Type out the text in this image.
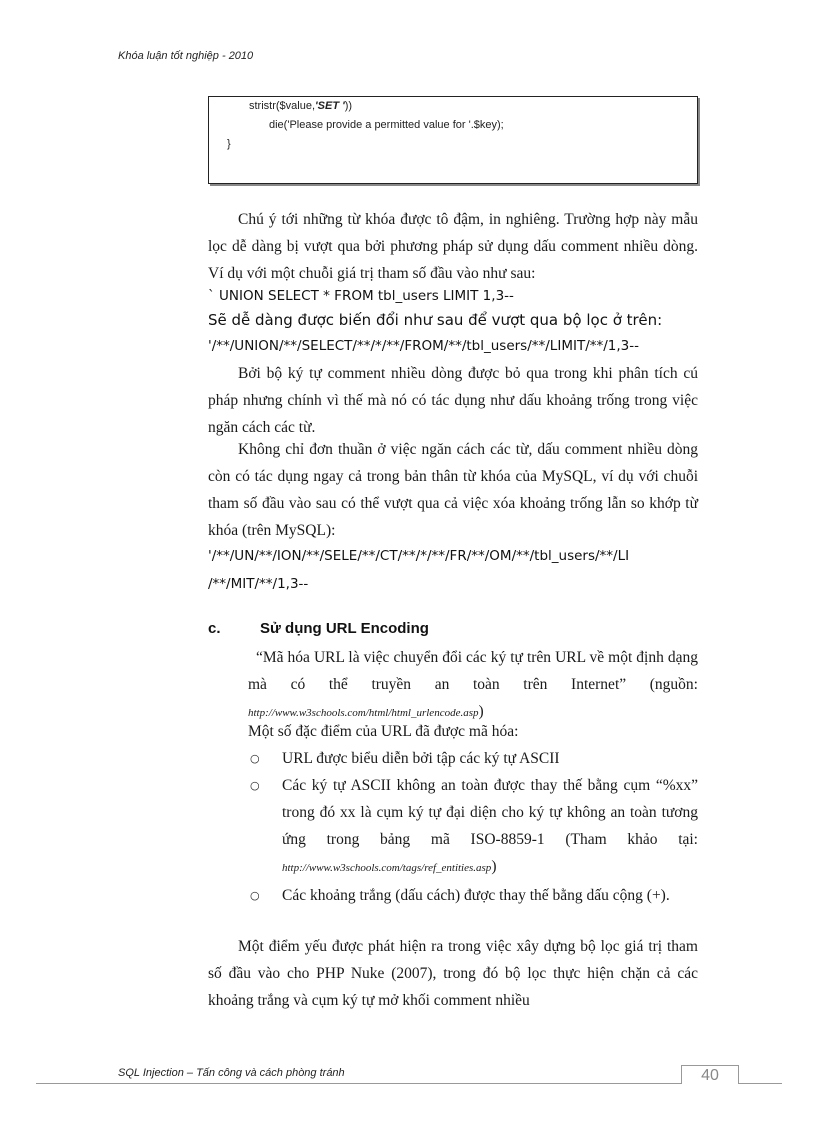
Khóa luận tốt nghiệp - 2010
stristr($value,'SET '))
die('Please provide a permitted value for '.$key);
}
Chú ý tới những từ khóa được tô đậm, in nghiêng. Trường hợp này mẫu lọc dễ dàng bị vượt qua bởi phương pháp sử dụng dấu comment nhiều dòng. Ví dụ với một chuỗi giá trị tham số đầu vào như sau:
` UNION SELECT * FROM tbl_users LIMIT 1,3--
Sẽ dễ dàng được biến đổi như sau để vượt qua bộ lọc ở trên:
'/**/UNION/**/SELECT/**/*/**/FROM/**/tbl_users/**/LIMIT/**/1,3--
Bởi bộ ký tự comment nhiều dòng được bỏ qua trong khi phân tích cú pháp nhưng chính vì thế mà nó có tác dụng như dấu khoảng trống trong việc ngăn cách các từ.
Không chỉ đơn thuần ở việc ngăn cách các từ, dấu comment nhiều dòng còn có tác dụng ngay cả trong bản thân từ khóa của MySQL, ví dụ với chuỗi tham số đầu vào sau có thể vượt qua cả việc xóa khoảng trống lẫn so khớp từ khóa (trên MySQL):
'/**/UN/**/ION/**/SELE/**/CT/**/*/**/FR/**/OM/**/tbl_users/**/LI
/**/MIT/**/1,3--
c.	Sử dụng URL Encoding
“Mã hóa URL là việc chuyển đổi các ký tự trên URL về một định dạng mà có thể truyền an toàn trên Internet” (nguồn: http://www.w3schools.com/html/html_urlencode.asp)
Một số đặc điểm của URL đã được mã hóa:
○ URL được biểu diễn bởi tập các ký tự ASCII
○ Các ký tự ASCII không an toàn được thay thế bằng cụm “%xx” trong đó xx là cụm ký tự đại diện cho ký tự không an toàn tương ứng trong bảng mã ISO-8859-1 (Tham khảo tại: http://www.w3schools.com/tags/ref_entities.asp)
○ Các khoảng trắng (dấu cách) được thay thế bằng dấu cộng (+).
Một điểm yếu được phát hiện ra trong việc xây dựng bộ lọc giá trị tham số đầu vào cho PHP Nuke (2007), trong đó bộ lọc thực hiện chặn cả các khoảng trắng và cụm ký tự mở khối comment nhiều
SQL Injection – Tấn công và cách phòng tránh	40
